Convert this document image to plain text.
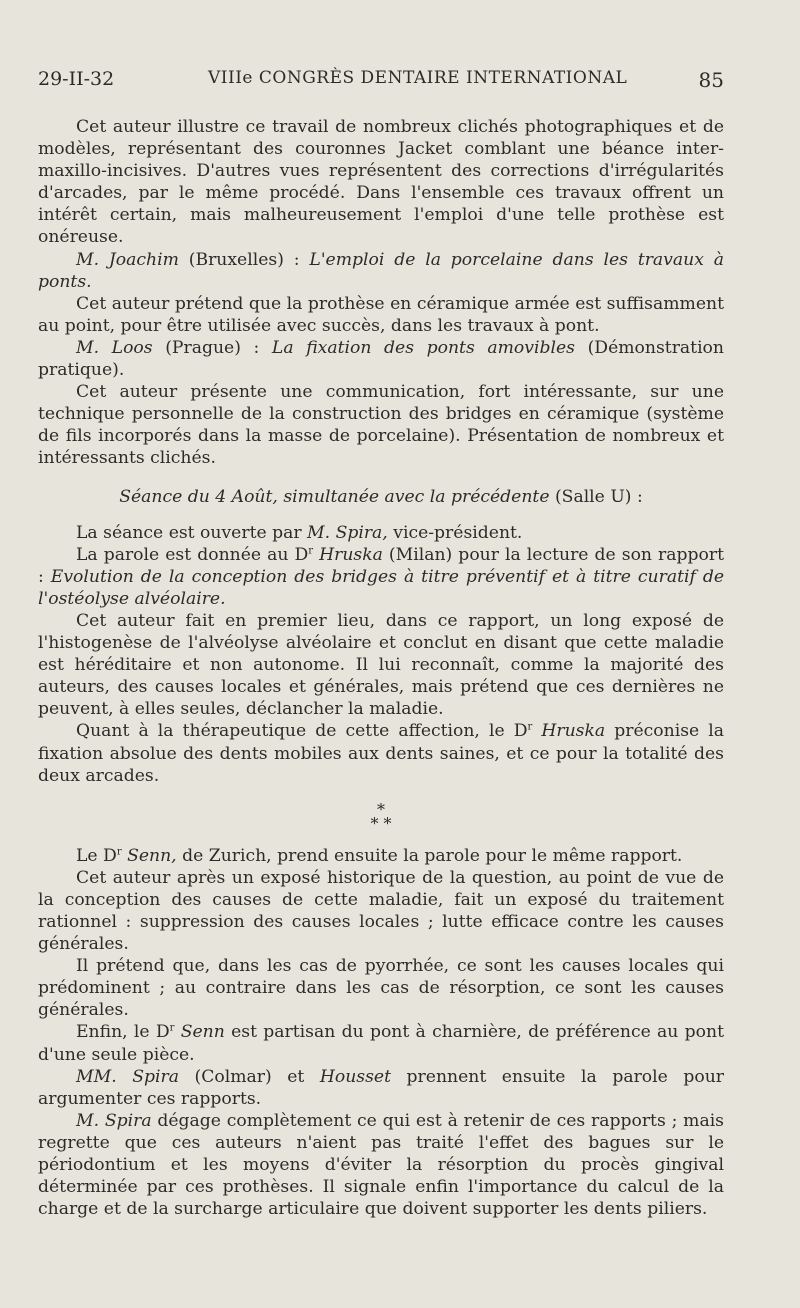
29-II-32	VIIIe CONGRÈS DENTAIRE INTERNATIONAL	85

Cet auteur illustre ce travail de nombreux clichés photographiques et de modèles, représentant des couronnes Jacket comblant une béance inter-maxillo-incisives. D'autres vues représentent des corrections d'irrégularités d'arcades, par le même procédé. Dans l'ensemble ces travaux offrent un intérêt certain, mais malheureusement l'emploi d'une telle prothèse est onéreuse.

M. Joachim (Bruxelles) : L'emploi de la porcelaine dans les travaux à ponts.

Cet auteur prétend que la prothèse en céramique armée est suffisamment au point, pour être utilisée avec succès, dans les travaux à pont.

M. Loos (Prague) : La fixation des ponts amovibles (Démonstration pratique).

Cet auteur présente une communication, fort intéressante, sur une technique personnelle de la construction des bridges en céramique (système de fils incorporés dans la masse de porcelaine). Présentation de nombreux et intéressants clichés.

Séance du 4 Août, simultanée avec la précédente (Salle U) :

La séance est ouverte par M. Spira, vice-président.

La parole est donnée au $D^r$ Hruska (Milan) pour la lecture de son rapport : Evolution de la conception des bridges à titre préventif et à titre curatif de l'ostéolyse alvéolaire.

Cet auteur fait en premier lieu, dans ce rapport, un long exposé de l'histogenèse de l'alvéolyse alvéolaire et conclut en disant que cette maladie est héréditaire et non autonome. Il lui reconnaît, comme la majorité des auteurs, des causes locales et générales, mais prétend que ces dernières ne peuvent, à elles seules, déclancher la maladie.

Quant à la thérapeutique de cette affection, le $D^r$ Hruska préconise la fixation absolue des dents mobiles aux dents saines, et ce pour la totalité des deux arcades.

*
* *

Le $D^r$ Senn, de Zurich, prend ensuite la parole pour le même rapport.

Cet auteur après un exposé historique de la question, au point de vue de la conception des causes de cette maladie, fait un exposé du traitement rationnel : suppression des causes locales ; lutte efficace contre les causes générales.

Il prétend que, dans les cas de pyorrhée, ce sont les causes locales qui prédominent ; au contraire dans les cas de résorption, ce sont les causes générales.

Enfin, le $D^r$ Senn est partisan du pont à charnière, de préférence au pont d'une seule pièce.

MM. Spira (Colmar) et Housset prennent ensuite la parole pour argumenter ces rapports.

M. Spira dégage complètement ce qui est à retenir de ces rapports ; mais regrette que ces auteurs n'aient pas traité l'effet des bagues sur le périodontium et les moyens d'éviter la résorption du procès gingival déterminée par ces prothèses. Il signale enfin l'importance du calcul de la charge et de la surcharge articulaire que doivent supporter les dents piliers.
